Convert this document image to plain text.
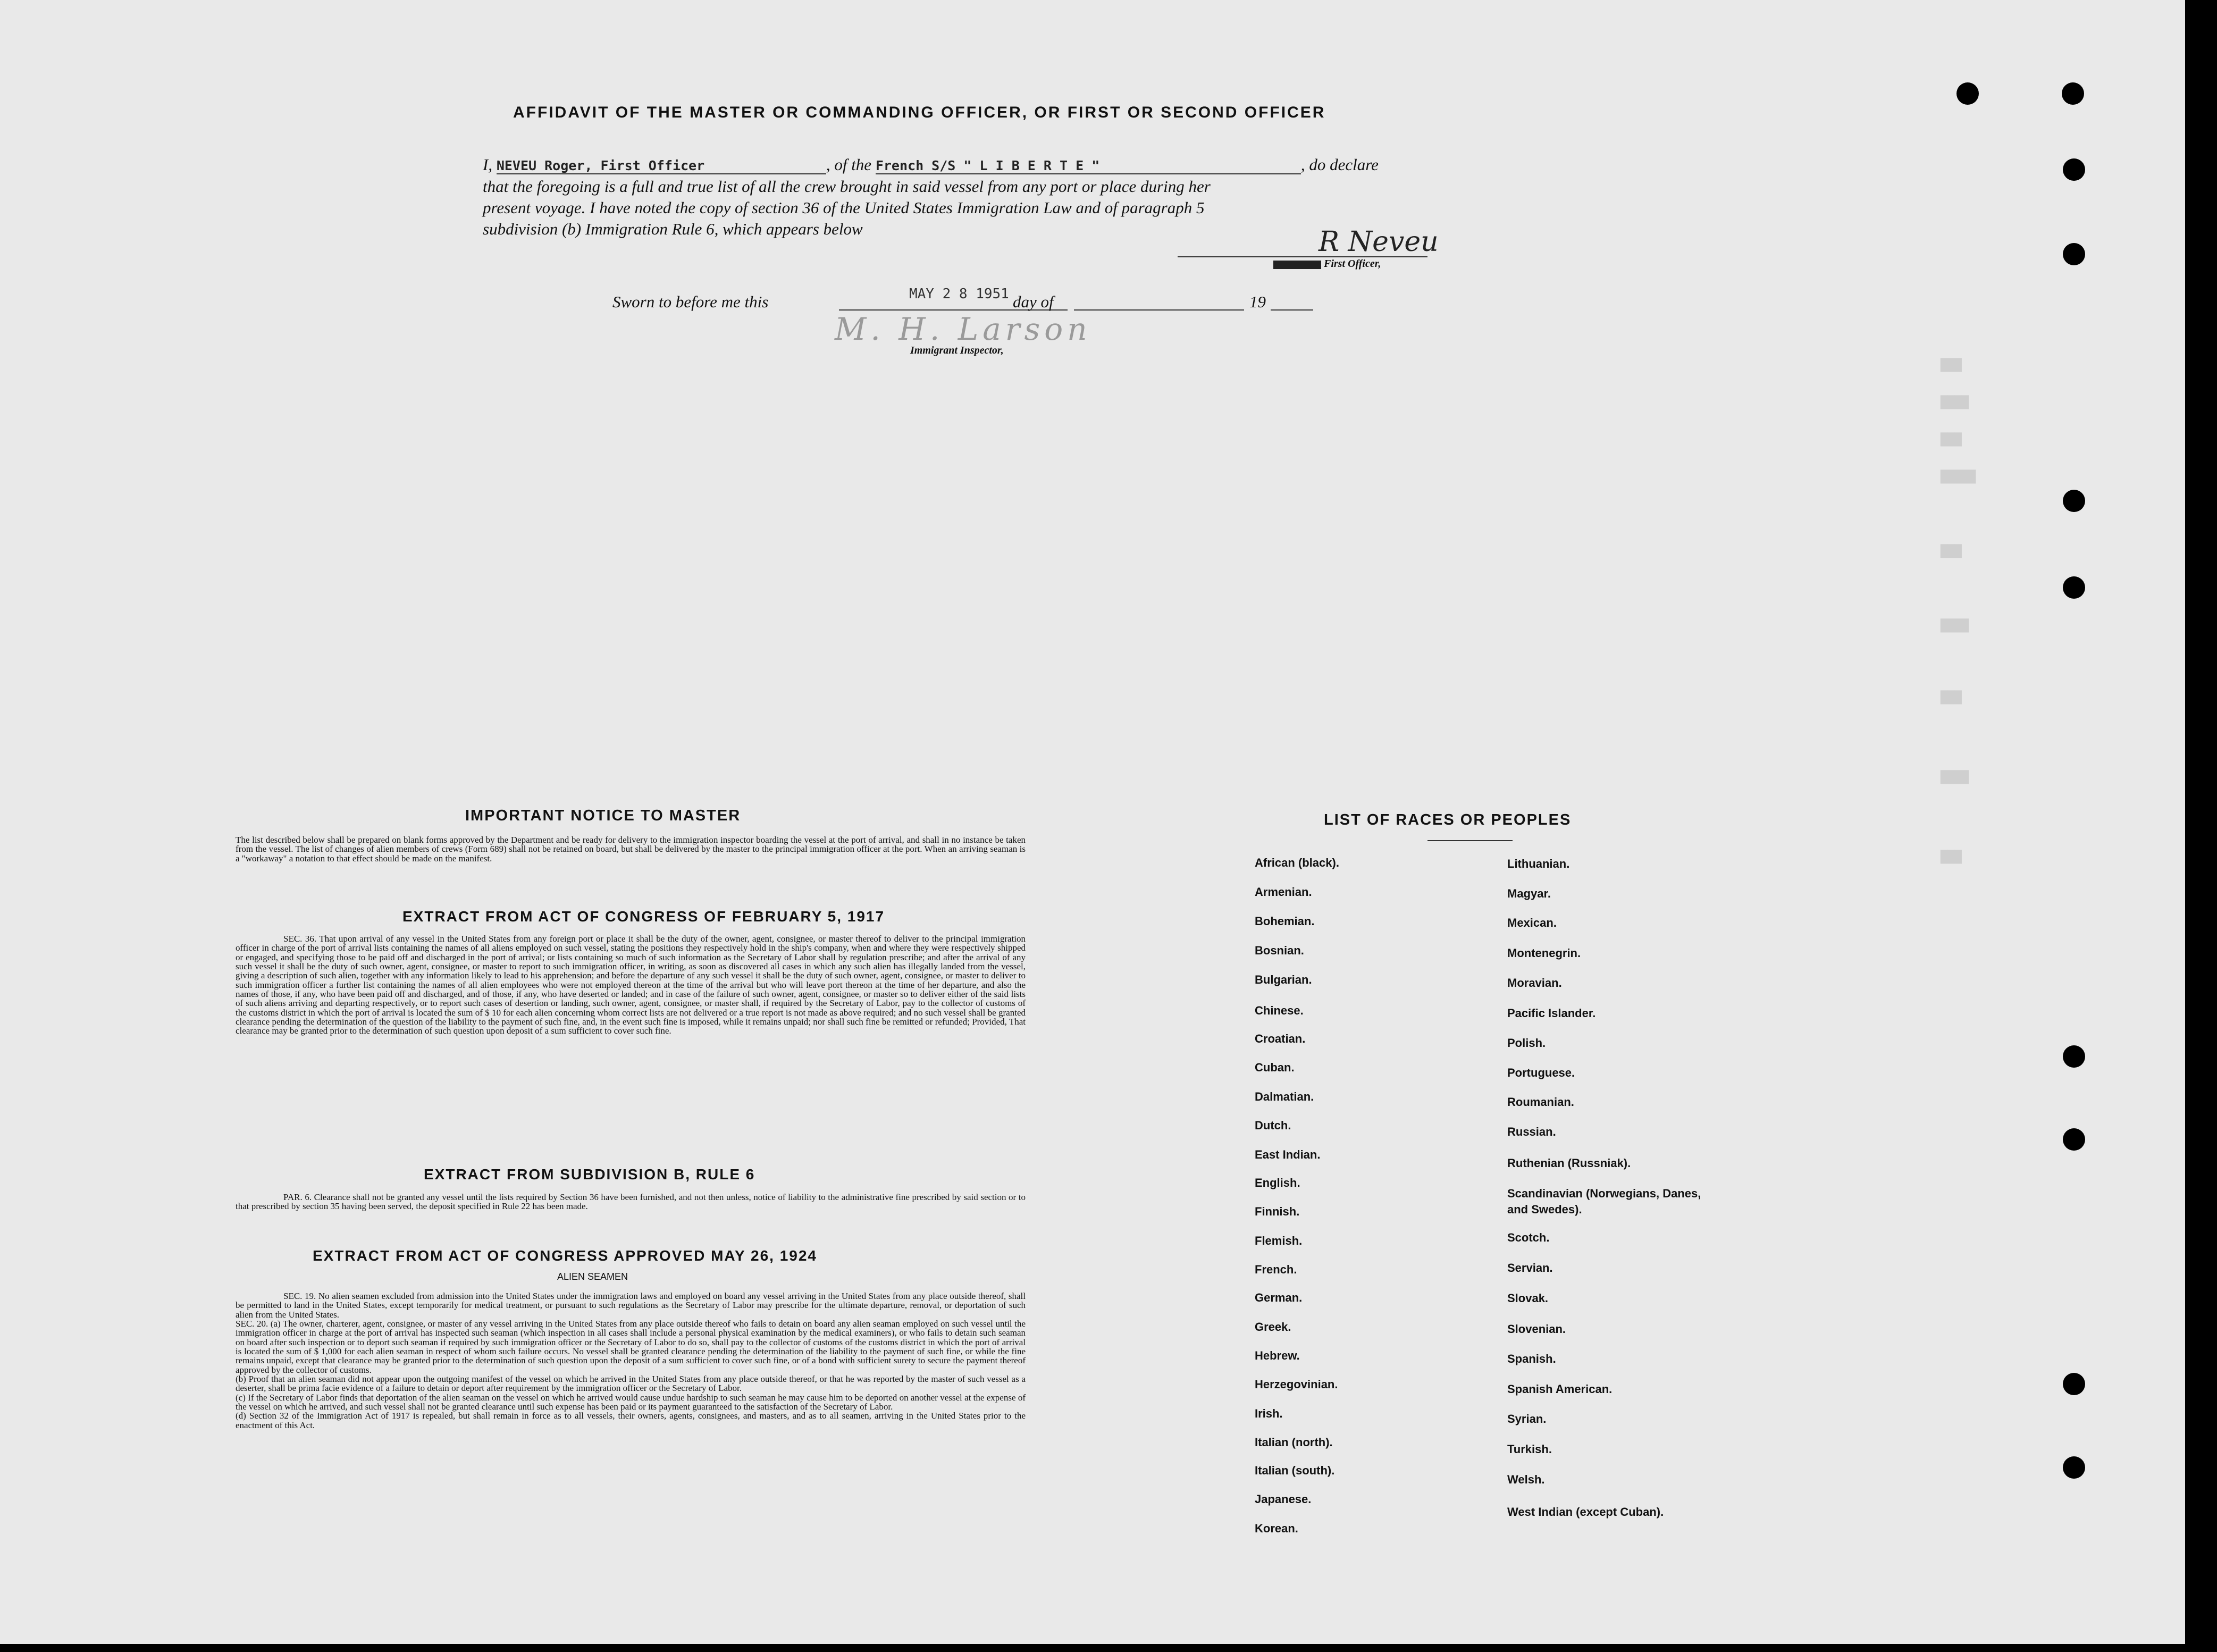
███
████
███
█████
███
████
███
████
███
AFFIDAVIT OF THE MASTER OR COMMANDING OFFICER, OR FIRST OR SECOND OFFICER
I, NEVEU Roger, First Officer	, of the French S/S " L I B E R T E "	, do declare
that the foregoing is a full and true list of all the crew brought in said vessel from any port or place during her
present voyage. I have noted the copy of section 36 of the United States Immigration Law and of paragraph 5
subdivision (b) Immigration Rule 6, which appears below	R Neveu
First Officer,
Sworn to before me this	MAY 2 8 1951 day of	19
M. H. Larson
Immigrant Inspector,
IMPORTANT NOTICE TO MASTER
The list described below shall be prepared on blank forms approved by the Department and be ready for delivery to the immigration inspector boarding the vessel at the port of arrival, and shall in no instance be taken from the vessel. The list of changes of alien members of crews (Form 689) shall not be retained on board, but shall be delivered by the master to the principal immigration officer at the port. When an arriving seaman is a "workaway" a notation to that effect should be made on the manifest.
EXTRACT FROM ACT OF CONGRESS OF FEBRUARY 5, 1917
SEC. 36. That upon arrival of any vessel in the United States from any foreign port or place it shall be the duty of the owner, agent, consignee, or master thereof to deliver to the principal immigration officer in charge of the port of arrival lists containing the names of all aliens employed on such vessel, stating the positions they respectively hold in the ship's company, when and where they were respectively shipped or engaged, and specifying those to be paid off and discharged in the port of arrival; or lists containing so much of such information as the Secretary of Labor shall by regulation prescribe; and after the arrival of any such vessel it shall be the duty of such owner, agent, consignee, or master to report to such immigration officer, in writing, as soon as discovered all cases in which any such alien has illegally landed from the vessel, giving a description of such alien, together with any information likely to lead to his apprehension; and before the departure of any such vessel it shall be the duty of such owner, agent, consignee, or master to deliver to such immigration officer a further list containing the names of all alien employees who were not employed thereon at the time of the arrival but who will leave port thereon at the time of her departure, and also the names of those, if any, who have been paid off and discharged, and of those, if any, who have deserted or landed; and in case of the failure of such owner, agent, consignee, or master so to deliver either of the said lists of such aliens arriving and departing respectively, or to report such cases of desertion or landing, such owner, agent, consignee, or master shall, if required by the Secretary of Labor, pay to the collector of customs of the customs district in which the port of arrival is located the sum of $ 10 for each alien concerning whom correct lists are not delivered or a true report is not made as above required; and no such vessel shall be granted clearance pending the determination of the question of the liability to the payment of such fine, and, in the event such fine is imposed, while it remains unpaid; nor shall such fine be remitted or refunded; Provided, That clearance may be granted prior to the determination of such question upon deposit of a sum sufficient to cover such fine.
EXTRACT FROM SUBDIVISION B, RULE 6
PAR. 6. Clearance shall not be granted any vessel until the lists required by Section 36 have been furnished, and not then unless, notice of liability to the administrative fine prescribed by said section or to that prescribed by section 35 having been served, the deposit specified in Rule 22 has been made.
EXTRACT FROM ACT OF CONGRESS APPROVED MAY 26, 1924
ALIEN SEAMEN
SEC. 19. No alien seamen excluded from admission into the United States under the immigration laws and employed on board any vessel arriving in the United States from any place outside thereof, shall be permitted to land in the United States, except temporarily for medical treatment, or pursuant to such regulations as the Secretary of Labor may prescribe for the ultimate departure, removal, or deportation of such alien from the United States.
SEC. 20. (a) The owner, charterer, agent, consignee, or master of any vessel arriving in the United States from any place outside thereof who fails to detain on board any alien seaman employed on such vessel until the immigration officer in charge at the port of arrival has inspected such seaman (which inspection in all cases shall include a personal physical examination by the medical examiners), or who fails to detain such seaman on board after such inspection or to deport such seaman if required by such immigration officer or the Secretary of Labor to do so, shall pay to the collector of customs of the customs district in which the port of arrival is located the sum of $ 1,000 for each alien seaman in respect of whom such failure occurs. No vessel shall be granted clearance pending the determination of the liability to the payment of such fine, or while the fine remains unpaid, except that clearance may be granted prior to the determination of such question upon the deposit of a sum sufficient to cover such fine, or of a bond with sufficient surety to secure the payment thereof approved by the collector of customs.
(b) Proof that an alien seaman did not appear upon the outgoing manifest of the vessel on which he arrived in the United States from any place outside thereof, or that he was reported by the master of such vessel as a deserter, shall be prima facie evidence of a failure to detain or deport after requirement by the immigration officer or the Secretary of Labor.
(c) If the Secretary of Labor finds that deportation of the alien seaman on the vessel on which he arrived would cause undue hardship to such seaman he may cause him to be deported on another vessel at the expense of the vessel on which he arrived, and such vessel shall not be granted clearance until such expense has been paid or its payment guaranteed to the satisfaction of the Secretary of Labor.
(d) Section 32 of the Immigration Act of 1917 is repealed, but shall remain in force as to all vessels, their owners, agents, consignees, and masters, and as to all seamen, arriving in the United States prior to the enactment of this Act.
LIST OF RACES OR PEOPLES
African (black).
Armenian.
Bohemian.
Bosnian.
Bulgarian.
Chinese.
Croatian.
Cuban.
Dalmatian.
Dutch.
East Indian.
English.
Finnish.
Flemish.
French.
German.
Greek.
Hebrew.
Herzegovinian.
Irish.
Italian (north).
Italian (south).
Japanese.
Korean.
Lithuanian.
Magyar.
Mexican.
Montenegrin.
Moravian.
Pacific Islander.
Polish.
Portuguese.
Roumanian.
Russian.
Ruthenian (Russniak).
Scandinavian (Norwegians, Danes, and Swedes).
Scotch.
Servian.
Slovak.
Slovenian.
Spanish.
Spanish American.
Syrian.
Turkish.
Welsh.
West Indian (except Cuban).
